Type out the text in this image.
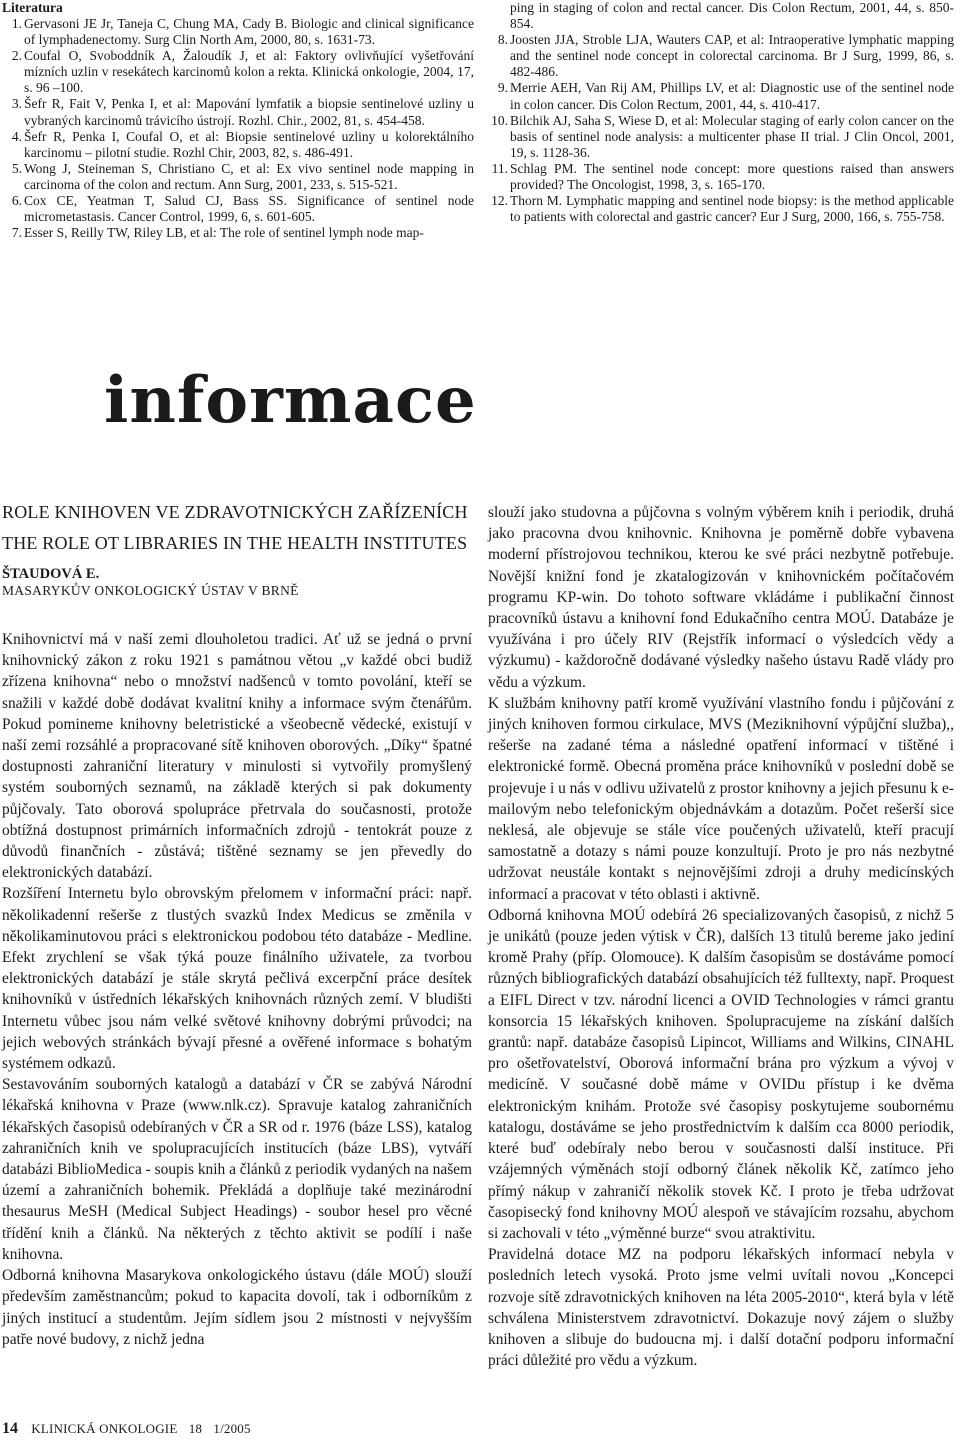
Literatura
1. Gervasoni JE Jr, Taneja C, Chung MA, Cady B. Biologic and clinical significance of lymphadenectomy. Surg Clin North Am, 2000, 80, s. 1631-73.
2. Coufal O, Svoboddník A, Žaloudík J, et al: Faktory ovlivňující vyšetřování mízních uzlin v resekátech karcinomů kolon a rekta. Klinická onkologie, 2004, 17, s. 96 –100.
3. Šefr R, Fait V, Penka I, et al: Mapování lymfatik a biopsie sentinelové uzliny u vybraných karcinomů trávicího ústrojí. Rozhl. Chir., 2002, 81, s. 454-458.
4. Šefr R, Penka I, Coufal O, et al: Biopsie sentinelové uzliny u kolorektálního karcinomu – pilotní studie. Rozhl Chir, 2003, 82, s. 486-491.
5. Wong J, Steineman S, Christiano C, et al: Ex vivo sentinel node mapping in carcinoma of the colon and rectum. Ann Surg, 2001, 233, s. 515-521.
6. Cox CE, Yeatman T, Salud CJ, Bass SS. Significance of sentinel node micrometastasis. Cancer Control, 1999, 6, s. 601-605.
7. Esser S, Reilly TW, Riley LB, et al: The role of sentinel lymph node map-
ping in staging of colon and rectal cancer. Dis Colon Rectum, 2001, 44, s. 850-854.
8. Joosten JJA, Stroble LJA, Wauters CAP, et al: Intraoperative lymphatic mapping and the sentinel node concept in colorectal carcinoma. Br J Surg, 1999, 86, s. 482-486.
9. Merrie AEH, Van Rij AM, Phillips LV, et al: Diagnostic use of the sentinel node in colon cancer. Dis Colon Rectum, 2001, 44, s. 410-417.
10. Bilchik AJ, Saha S, Wiese D, et al: Molecular staging of early colon cancer on the basis of sentinel node analysis: a multicenter phase II trial. J Clin Oncol, 2001, 19, s. 1128-36.
11. Schlag PM. The sentinel node concept: more questions raised than answers provided? The Oncologist, 1998, 3, s. 165-170.
12. Thorn M. Lymphatic mapping and sentinel node biopsy: is the method applicable to patients with colorectal and gastric cancer? Eur J Surg, 2000, 166, s. 755-758.
informace
ROLE KNIHOVEN VE ZDRAVOTNICKÝCH ZAŘÍZENÍCH
THE ROLE OT LIBRARIES IN THE HEALTH INSTITUTES

ŠTAUDOVÁ E.

MASARYKŮV ONKOLOGICKÝ ÚSTAV V BRNĚ

Knihovnictví má v naší zemi dlouholetou tradici. Ať už se jedná o první knihovnický zákon z roku 1921 s památnou větou „v každé obci budiž zřízena knihovna“ nebo o množství nadšenců v tomto povolání, kteří se snažili v každé době dodávat kvalitní knihy a informace svým čtenářům. Pokud pomineme knihovny beletristické a všeobecně vědecké, existují v naší zemi rozsáhlé a propracované sítě knihoven oborových. „Díky“ špatné dostupnosti zahraniční literatury v minulosti si vytvořily promyšlený systém souborných seznamů, na základě kterých si pak dokumenty půjčovaly. Tato oborová spolupráce přetrvala do současnosti, protože obtížná dostupnost primárních informačních zdrojů - tentokrát pouze z důvodů finančních - zůstává; tištěné seznamy se jen převedly do elektronických databází.

Rozšíření Internetu bylo obrovským přelomem v informační práci: např. několikadenní rešerše z tlustých svazků Index Medicus se změnila v několikaminutovou práci s elektronickou podobou této databáze - Medline. Efekt zrychlení se však týká pouze finálního uživatele, za tvorbou elektronických databází je stále skrytá pečlivá excerpční práce desítek knihovníků v ústředních lékařských knihovnách různých zemí. V bludišti Internetu vůbec jsou nám velké světové knihovny dobrými průvodci; na jejich webových stránkách bývají přesné a ověřené informace s bohatým systémem odkazů.

Sestavováním souborných katalogů a databází v ČR se zabývá Národní lékařská knihovna v Praze (www.nlk.cz). Spravuje katalog zahraničních lékařských časopisů odebíraných v ČR a SR od r. 1976 (báze LSS), katalog zahraničních knih ve spolupracujících institucích (báze LBS), vytváří databázi BiblioMedica - soupis knih a článků z periodik vydaných na našem území a zahraničních bohemik. Překládá a doplňuje také mezinárodní thesaurus MeSH (Medical Subject Headings) - soubor hesel pro věcné třídění knih a článků. Na některých z těchto aktivit se podílí i naše knihovna.

Odborná knihovna Masarykova onkologického ústavu (dále MOÚ) slouží především zaměstnancům; pokud to kapacita dovolí, tak i odborníkům z jiných institucí a studentům. Jejím sídlem jsou 2 místnosti v nejvyšším patře nové budovy, z nichž jedna

slouží jako studovna a půjčovna s volným výběrem knih i periodik, druhá jako pracovna dvou knihovnic. Knihovna je poměrně dobře vybavena moderní přístrojovou technikou, kterou ke své práci nezbytně potřebuje. Novější knižní fond je zkatalogizován v knihovnickém počítačovém programu KP-win. Do tohoto software vkládáme i publikační činnost pracovníků ústavu a knihovní fond Edukačního centra MOÚ. Databáze je využívána i pro účely RIV (Rejstřík informací o výsledcích vědy a výzkumu) - každoročně dodávané výsledky našeho ústavu Radě vlády pro vědu a výzkum.

K službám knihovny patří kromě využívání vlastního fondu i půjčování z jiných knihoven formou cirkulace, MVS (Meziknihovní výpůjční služba),, rešerše na zadané téma a následné opatření informací v tištěné i elektronické formě. Obecná proměna práce knihovníků v poslední době se projevuje i u nás v odlivu uživatelů z prostor knihovny a jejich přesunu k e-mailovým nebo telefonickým objednávkám a dotazům. Počet rešerší sice neklesá, ale objevuje se stále více poučených uživatelů, kteří pracují samostatně a dotazy s námi pouze konzultují. Proto je pro nás nezbytné udržovat neustále kontakt s nejnovějšími zdroji a druhy medicínských informací a pracovat v této oblasti i aktivně.

Odborná knihovna MOÚ odebírá 26 specializovaných časopisů, z nichž 5 je unikátů (pouze jeden výtisk v ČR), dalších 13 titulů bereme jako jediní kromě Prahy (příp. Olomouce). K dalším časopisům se dostáváme pomocí různých bibliografických databází obsahujících též fulltexty, např. Proquest a EIFL Direct v tzv. národní licenci a OVID Technologies v rámci grantu konsorcia 15 lékařských knihoven. Spolupracujeme na získání dalších grantů: např. databáze časopisů Lipincot, Williams and Wilkins, CINAHL pro ošetřovatelství, Oborová informační brána pro výzkum a vývoj v medicíně. V současné době máme v OVIDu přístup i ke dvěma elektronickým knihám. Protože své časopisy poskytujeme soubornému katalogu, dostáváme se jeho prostřednictvím k dalším cca 8000 periodik, které buď odebíraly nebo berou v současnosti další instituce. Při vzájemných výměnách stojí odborný článek několik Kč, zatímco jeho přímý nákup v zahraničí několik stovek Kč. I proto je třeba udržovat časopisecký fond knihovny MOÚ alespoň ve stávajícím rozsahu, abychom si zachovali v této „výměnné burze“ svou atraktivitu.

Pravidelná dotace MZ na podporu lékařských informací nebyla v posledních letech vysoká. Proto jsme velmi uvítali novou „Koncepci rozvoje sítě zdravotnických knihoven na léta 2005-2010“, která byla v létě schválena Ministerstvem zdravotnictví. Dokazuje nový zájem o služby knihoven a slibuje do budoucna mj. i další dotační podporu informační práci důležité pro vědu a výzkum.

14 KLINICKÁ ONKOLOGIE 18 1/2005
